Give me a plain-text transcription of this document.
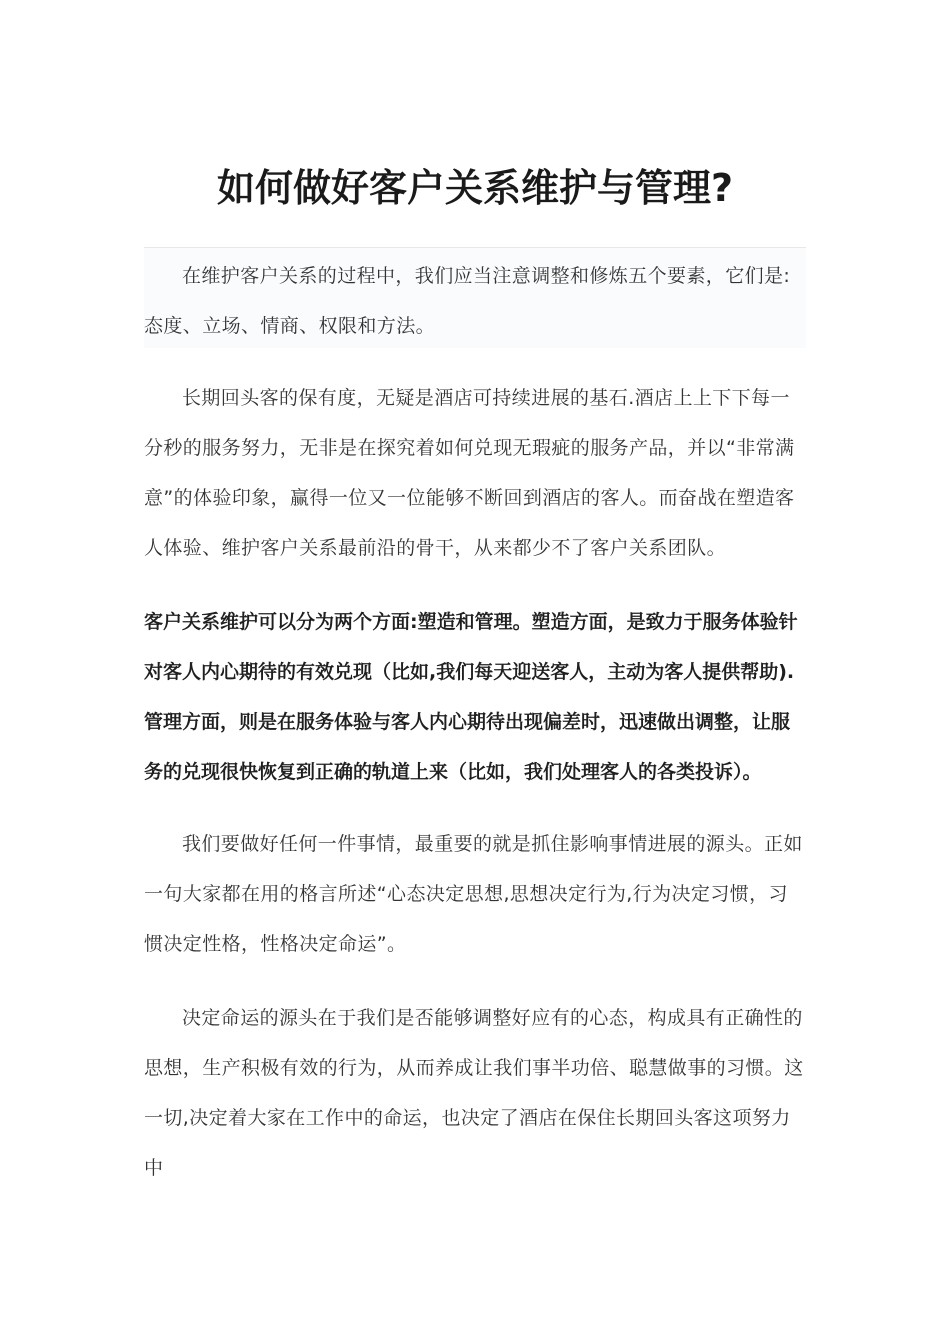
如何做好客户关系维护与管理?

在维护客户关系的过程中，我们应当注意调整和修炼五个要素，它们是:态度、立场、情商、权限和方法。

长期回头客的保有度，无疑是酒店可持续进展的基石.酒店上上下下每一分秒的服务努力，无非是在探究着如何兑现无瑕疵的服务产品，并以“非常满意”的体验印象，赢得一位又一位能够不断回到酒店的客人。而奋战在塑造客人体验、维护客户关系最前沿的骨干，从来都少不了客户关系团队。

客户关系维护可以分为两个方面:塑造和管理。塑造方面，是致力于服务体验针对客人内心期待的有效兑现（比如,我们每天迎送客人，主动为客人提供帮助).管理方面，则是在服务体验与客人内心期待出现偏差时，迅速做出调整，让服务的兑现很快恢复到正确的轨道上来（比如，我们处理客人的各类投诉）。

我们要做好任何一件事情，最重要的就是抓住影响事情进展的源头。正如一句大家都在用的格言所述“心态决定思想,思想决定行为,行为决定习惯，习惯决定性格，性格决定命运”。

决定命运的源头在于我们是否能够调整好应有的心态，构成具有正确性的思想，生产积极有效的行为，从而养成让我们事半功倍、聪慧做事的习惯。这一切,决定着大家在工作中的命运，也决定了酒店在保住长期回头客这项努力中
